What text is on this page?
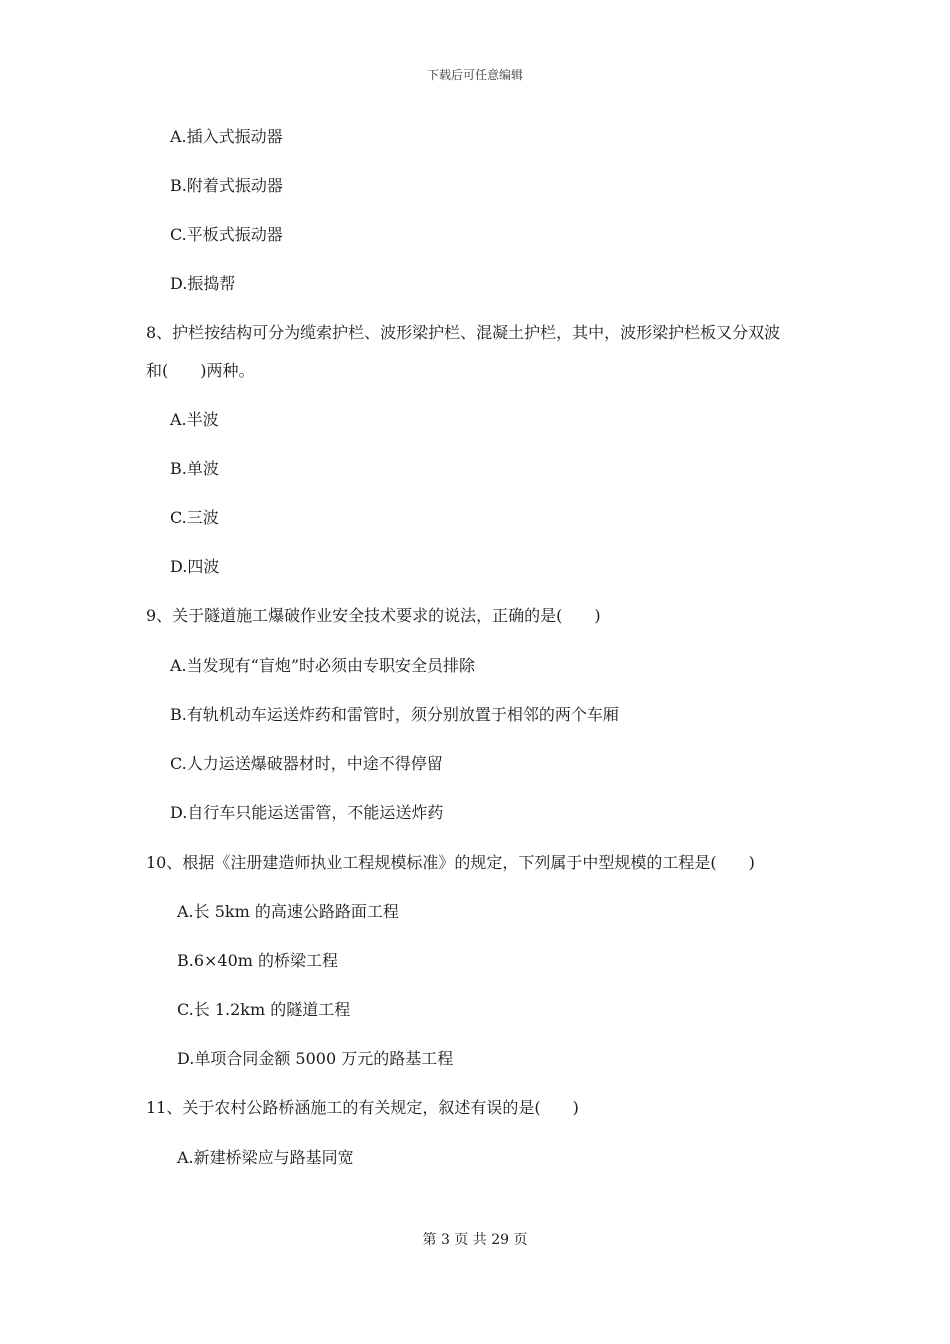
下载后可任意编辑
A.插入式振动器
B.附着式振动器
C.平板式振动器
D.振捣帮
8、护栏按结构可分为缆索护栏、波形梁护栏、混凝土护栏，其中，波形梁护栏板又分双波
和(　　)两种。
A.半波
B.单波
C.三波
D.四波
9、关于隧道施工爆破作业安全技术要求的说法，正确的是(　　)
A.当发现有“盲炮”时必须由专职安全员排除
B.有轨机动车运送炸药和雷管时，须分别放置于相邻的两个车厢
C.人力运送爆破器材时，中途不得停留
D.自行车只能运送雷管，不能运送炸药
10、根据《注册建造师执业工程规模标准》的规定，下列属于中型规模的工程是(　　)
A.长 5km 的高速公路路面工程
B.6×40m 的桥梁工程
C.长 1.2km 的隧道工程
D.单项合同金额 5000 万元的路基工程
11、关于农村公路桥涵施工的有关规定，叙述有误的是(　　)
A.新建桥梁应与路基同宽
第 3 页 共 29 页
